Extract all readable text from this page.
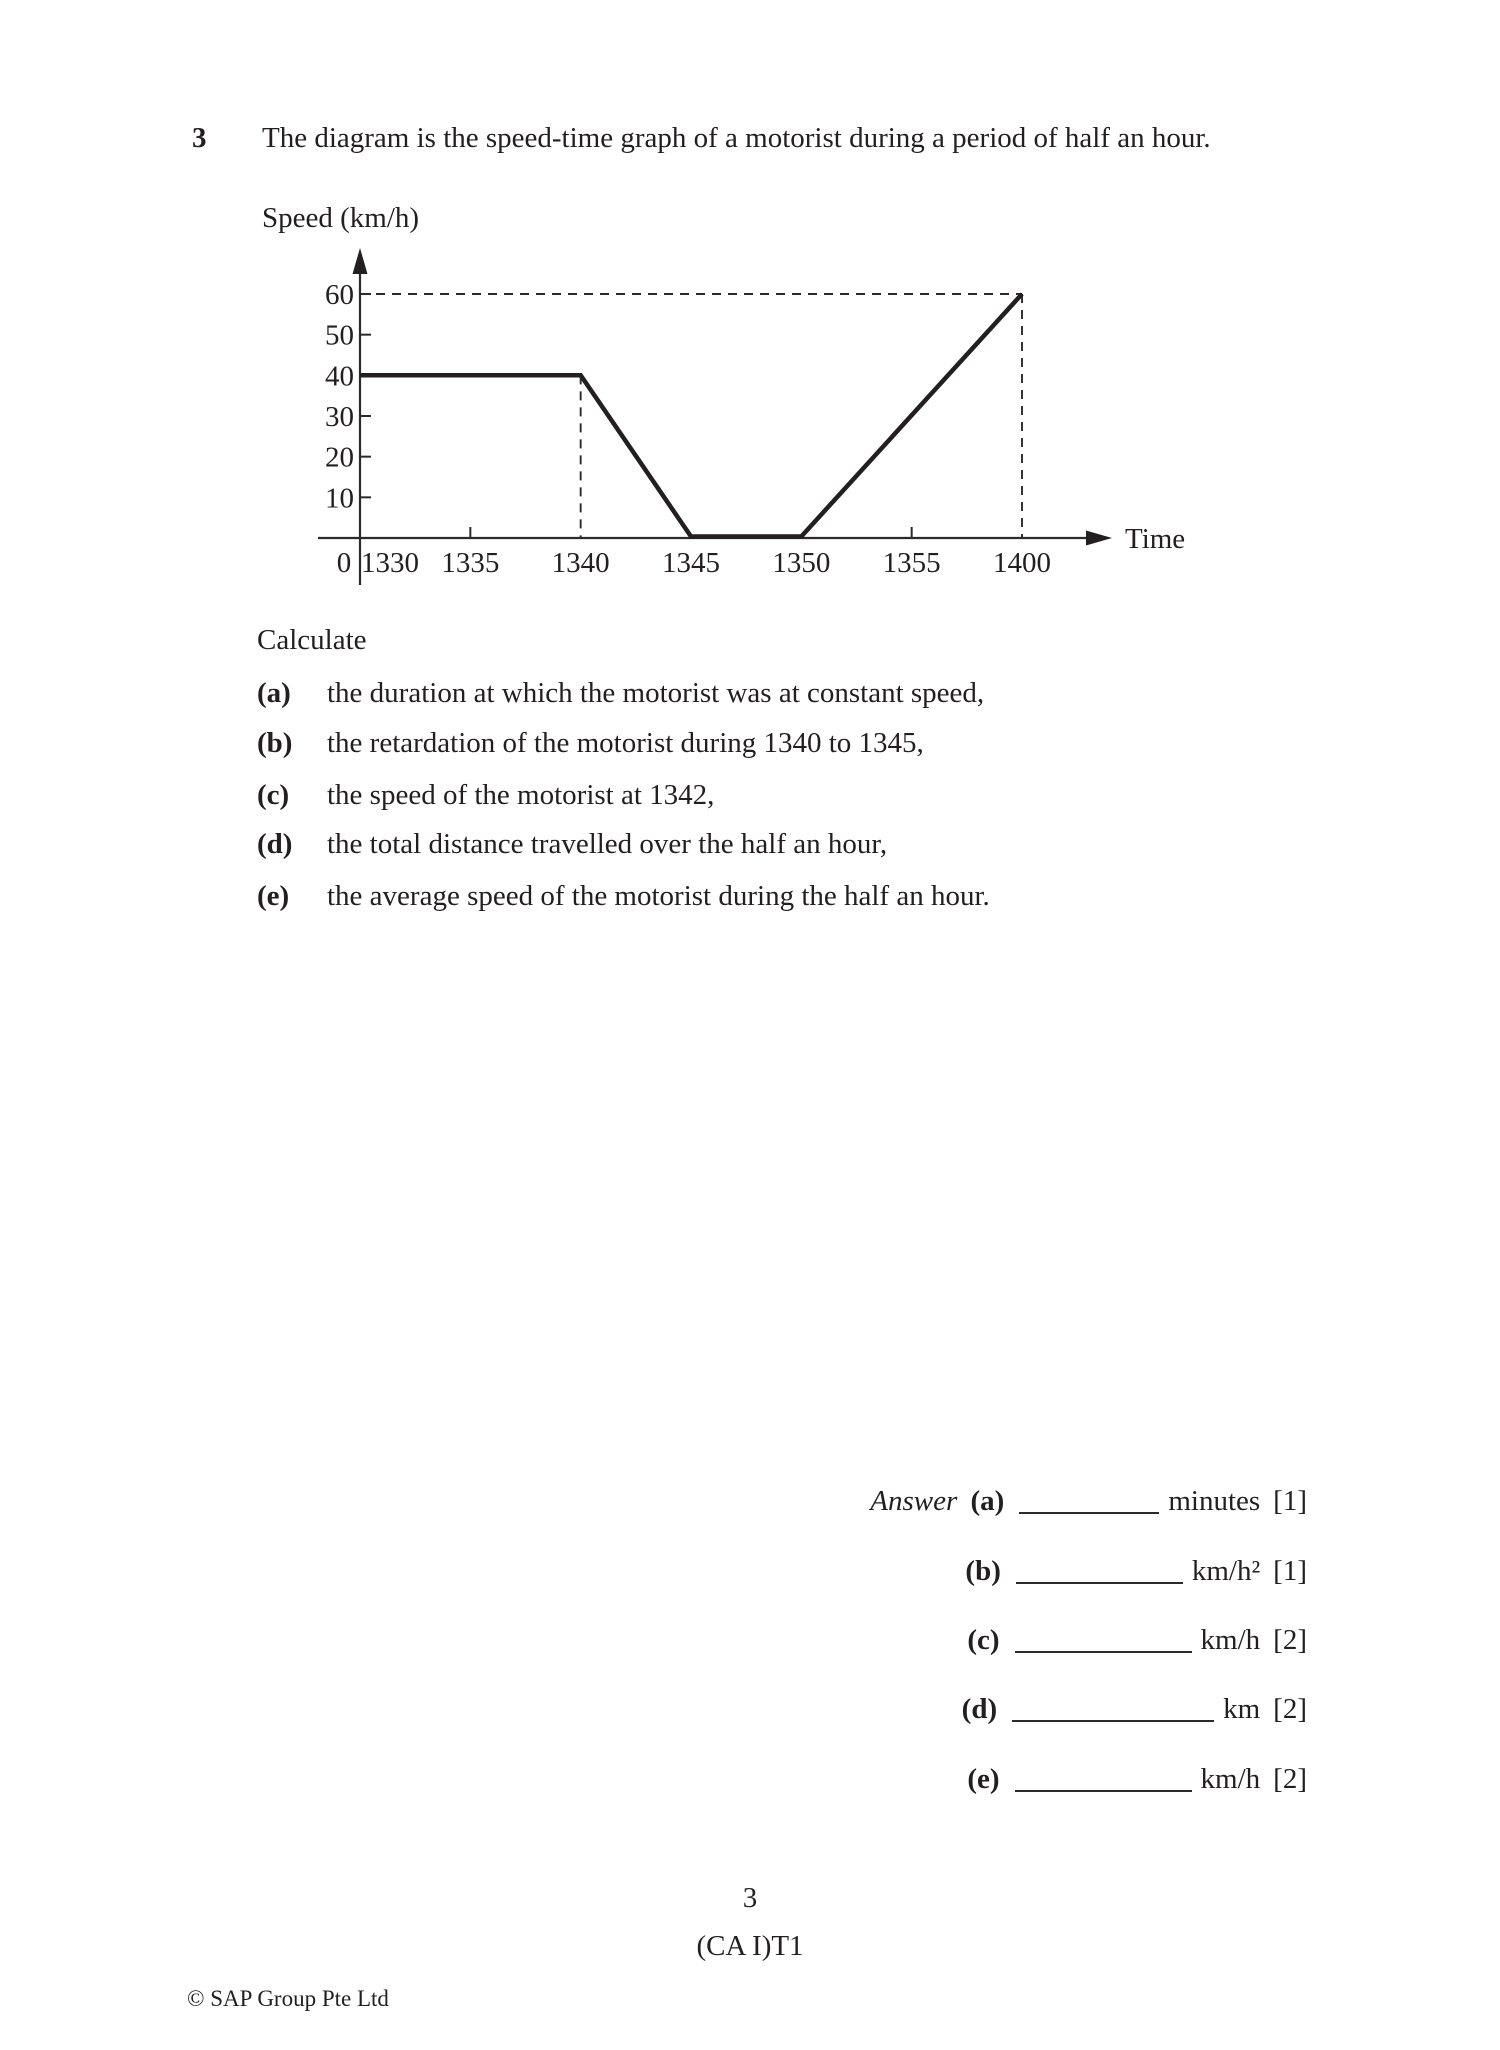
3 The diagram is the speed-time graph of a motorist during a period of half an hour.
Speed (km/h)
10
20
30
40
50
60
1330 1335 1340 1345 1350 1355 1400
0
Time
Calculate
(a) the duration at which the motorist was at constant speed,
(b) the retardation of the motorist during 1340 to 1345,
(c) the speed of the motorist at 1342,
(d) the total distance travelled over the half an hour,
(e) the average speed of the motorist during the half an hour.
Answer (a)	minutes [1]
(b)	km/h² [1]
(c)	km/h [2]
(d)	km [2]
(e)	km/h [2]
3
(CA I)T1
© SAP Group Pte Ltd
